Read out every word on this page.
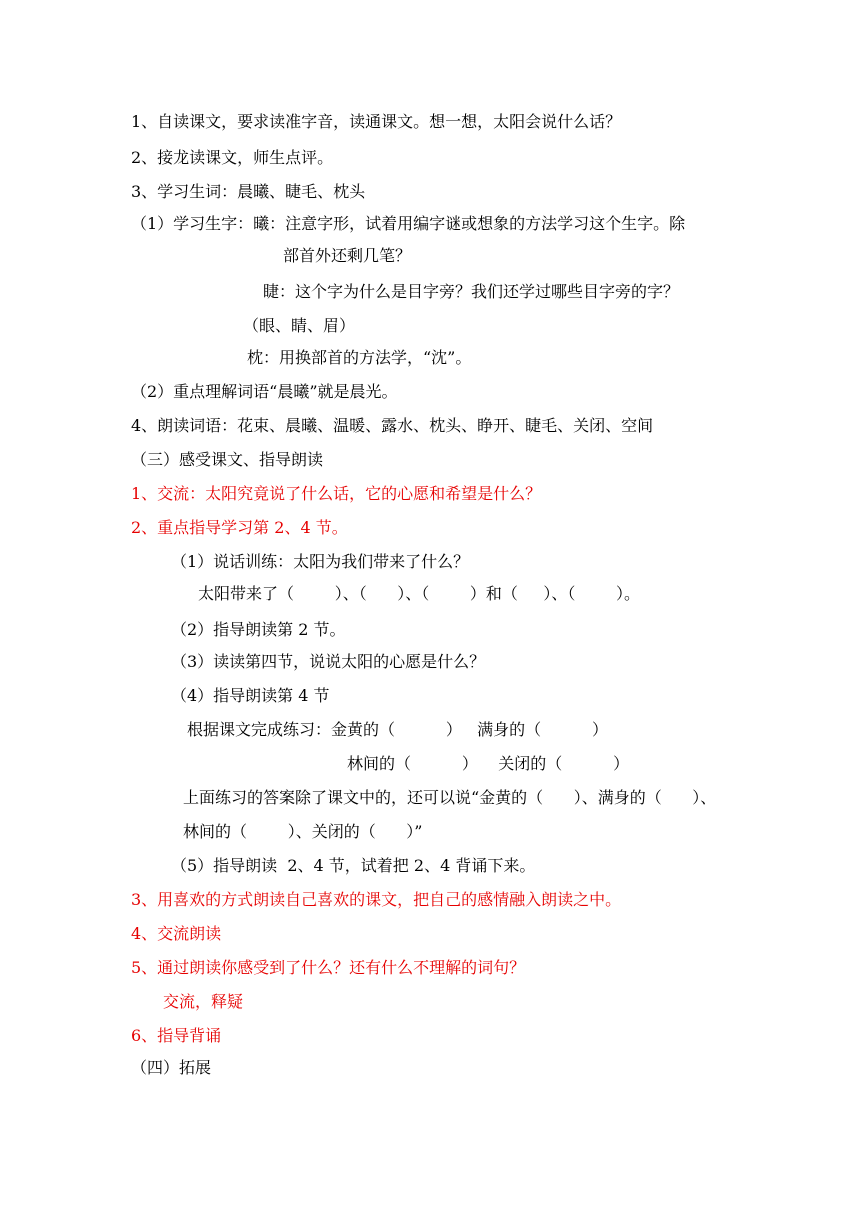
1、自读课文，要求读准字音，读通课文。想一想，太阳会说什么话？
2、接龙读课文，师生点评。
3、学习生词：晨曦、睫毛、枕头
（1）学习生字：曦：注意字形，试着用编字谜或想象的方法学习这个生字。除
部首外还剩几笔？
睫：这个字为什么是目字旁？我们还学过哪些目字旁的字？
（眼、睛、眉）
枕：用换部首的方法学，“沈”。
（2）重点理解词语“晨曦”就是晨光。
4、朗读词语：花束、晨曦、温暖、露水、枕头、睁开、睫毛、关闭、空间
（三）感受课文、指导朗读
1、交流：太阳究竟说了什么话，它的心愿和希望是什么？
2、重点指导学习第 2、4 节。
（1）说话训练：太阳为我们带来了什么？
太阳带来了（        ）、（      ）、（        ）和（     ）、（        ）。
（2）指导朗读第 2 节。
（3）读读第四节，说说太阳的心愿是什么？
（4）指导朗读第 4 节
根据课文完成练习：金黄的（          ）   满身的（          ）
林间的（          ）    关闭的（          ）
上面练习的答案除了课文中的，还可以说“金黄的（      ）、满身的（      ）、
林间的（        ）、关闭的（      ）”
（5）指导朗读  2、4 节，试着把 2、4 背诵下来。
3、用喜欢的方式朗读自己喜欢的课文，把自己的感情融入朗读之中。
4、交流朗读
5、通过朗读你感受到了什么？还有什么不理解的词句？
交流，释疑
6、指导背诵
（四）拓展
